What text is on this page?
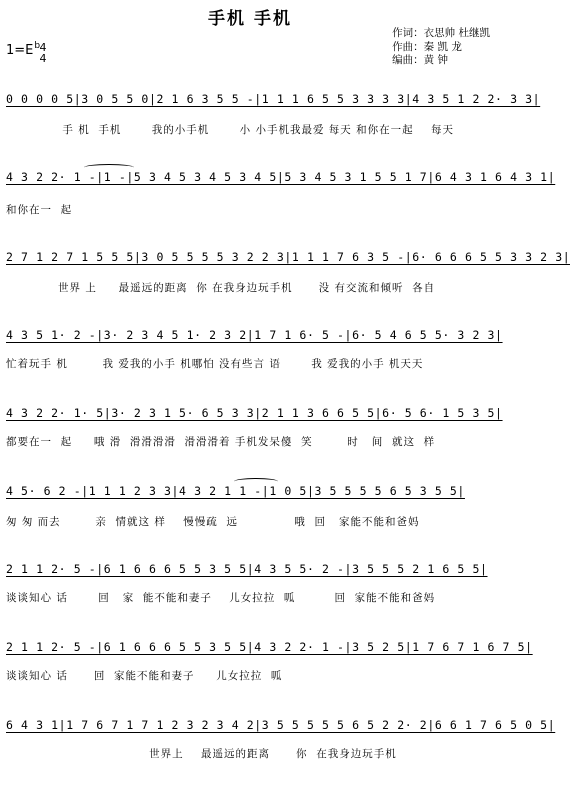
手机 手机
作词：衣思帅 杜继凯
作曲：秦 凯 龙
编曲：黄 钟
$1=E^b$ 4
4
0 0 0 0 5|3 0 5 5 0|2 1 6 3 5 5 -|1 1 1 6 5 5 3 3 3 3|4 3 5 1 2 2· 3 3|
手 机  手机       我的小手机       小 小手机我最爱 每天 和你在一起    每天
4 3 2 2· 1 -|1 -|5 3 4 5 3 4 5 3 4 5|5 3 4 5 3 1 5 5 1 7|6 4 3 1 6 4 3 1|
和你在一  起
2 7 1 2 7 1 5 5 5|3 0 5 5 5 5 3 2 2 3|1 1 1 7 6 3 5 -|6· 6 6 6 5 5 3 3 2 3|
世界 上     最遥远的距离  你 在我身边玩手机      没 有交流和倾听  各自
4 3 5 1· 2 -|3· 2 3 4 5 1· 2 3 2|1 7 1 6· 5 -|6· 5 4 6 5 5· 3 2 3|
忙着玩手 机        我 爱我的小手 机哪怕 没有些言 语       我 爱我的小手 机天天
4 3 2 2· 1· 5|3· 2 3 1 5· 6 5 3 3|2 1 1 3 6 6 5 5|6· 5 6· 1 5 3 5|
都要在一  起     哦 滑  滑滑滑滑  滑滑滑着 手机发呆傻  笑        时   间  就这  样
4 5· 6 2 -|1 1 1 2 3 3|4 3 2 1 1 -|1 0 5|3 5 5 5 5 6 5 3 5 5|
匆 匆 而去        亲  情就这 样    慢慢疏  远             哦  回   家能不能和爸妈
2 1 1 2· 5 -|6 1 6 6 6 5 5 3 5 5|4 3 5 5· 2 -|3 5 5 5 2 1 6 5 5|
谈谈知心 话       回   家  能不能和妻子    儿女拉拉  呱         回  家能不能和爸妈
2 1 1 2· 5 -|6 1 6 6 6 5 5 3 5 5|4 3 2 2· 1 -|3 5 2 5|1 7 6 7 1 6 7 5|
谈谈知心 话      回  家能不能和妻子     儿女拉拉  呱
6 4 3 1|1 7 6 7 1 7 1 2 3 2 3 4 2|3 5 5 5 5 5 6 5 2 2· 2|6 6 1 7 6 5 0 5|
世界上    最遥远的距离      你  在我身边玩手机
